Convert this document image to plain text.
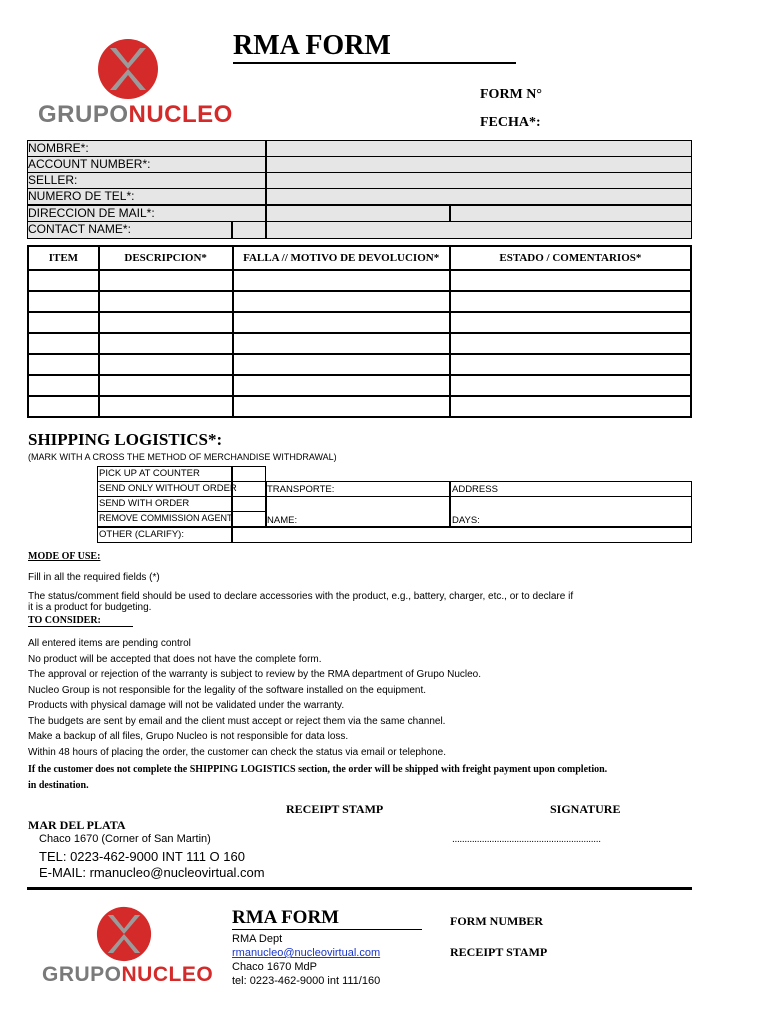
GRUPONUCLEO
RMA FORM
FORM N°
FECHA*:
NOMBRE*:
ACCOUNT NUMBER*:
SELLER:
NUMERO DE TEL*:
DIRECCION DE MAIL*:
CONTACT NAME*:
ITEM	DESCRIPCION*	FALLA // MOTIVO DE DEVOLUCION*	ESTADO / COMENTARIOS*

SHIPPING LOGISTICS*:
(MARK WITH A CROSS THE METHOD OF MERCHANDISE WITHDRAWAL)
PICK UP AT COUNTER
SEND ONLY WITHOUT ORDER
SEND WITH ORDER
REMOVE COMMISSION AGENT
OTHER (CLARIFY):
TRANSPORTE:	ADDRESS
NAME:	DAYS:
MODE OF USE:
Fill in all the required fields (*)
The status/comment field should be used to declare accessories with the product, e.g., battery, charger, etc., or to declare if
it is a product for budgeting.
TO CONSIDER:
All entered items are pending control
No product will be accepted that does not have the complete form.
The approval or rejection of the warranty is subject to review by the RMA department of Grupo Nucleo.
Nucleo Group is not responsible for the legality of the software installed on the equipment.
Products with physical damage will not be validated under the warranty.
The budgets are sent by email and the client must accept or reject them via the same channel.
Make a backup of all files, Grupo Nucleo is not responsible for data loss.
Within 48 hours of placing the order, the customer can check the status via email or telephone.
If the customer does not complete the SHIPPING LOGISTICS section, the order will be shipped with freight payment upon completion.
in destination.
RECEIPT STAMP	SIGNATURE
MAR DEL PLATA
Chaco 1670 (Corner of San Martin)	............................................................
TEL: 0223-462-9000 INT 111 O 160
E-MAIL: rmanucleo@nucleovirtual.com
GRUPONUCLEO
RMA FORM
RMA Dept
rmanucleo@nucleovirtual.com
Chaco 1670 MdP
tel: 0223-462-9000 int 111/160
FORM NUMBER
RECEIPT STAMP
